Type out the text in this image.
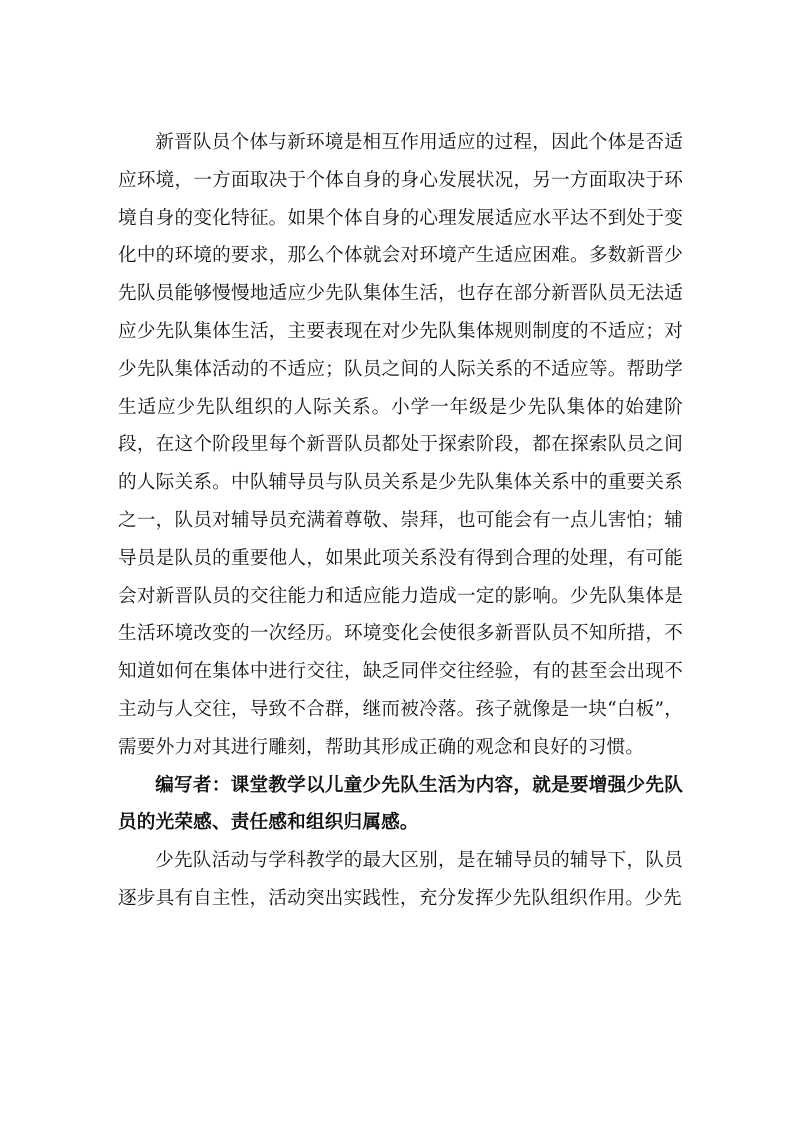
新晋队员个体与新环境是相互作用适应的过程，因此个体是否适应环境，一方面取决于个体自身的身心发展状况，另一方面取决于环境自身的变化特征。如果个体自身的心理发展适应水平达不到处于变化中的环境的要求，那么个体就会对环境产生适应困难。多数新晋少先队员能够慢慢地适应少先队集体生活，也存在部分新晋队员无法适应少先队集体生活，主要表现在对少先队集体规则制度的不适应；对少先队集体活动的不适应；队员之间的人际关系的不适应等。帮助学生适应少先队组织的人际关系。小学一年级是少先队集体的始建阶段，在这个阶段里每个新晋队员都处于探索阶段，都在探索队员之间的人际关系。中队辅导员与队员关系是少先队集体关系中的重要关系之一，队员对辅导员充满着尊敬、崇拜，也可能会有一点儿害怕；辅导员是队员的重要他人，如果此项关系没有得到合理的处理，有可能会对新晋队员的交往能力和适应能力造成一定的影响。少先队集体是生活环境改变的一次经历。环境变化会使很多新晋队员不知所措，不知道如何在集体中进行交往，缺乏同伴交往经验，有的甚至会出现不主动与人交往，导致不合群，继而被冷落。孩子就像是一块“白板”，需要外力对其进行雕刻，帮助其形成正确的观念和良好的习惯。

编写者：课堂教学以儿童少先队生活为内容，就是要增强少先队员的光荣感、责任感和组织归属感。

少先队活动与学科教学的最大区别，是在辅导员的辅导下，队员逐步具有自主性，活动突出实践性，充分发挥少先队组织作用。少先
